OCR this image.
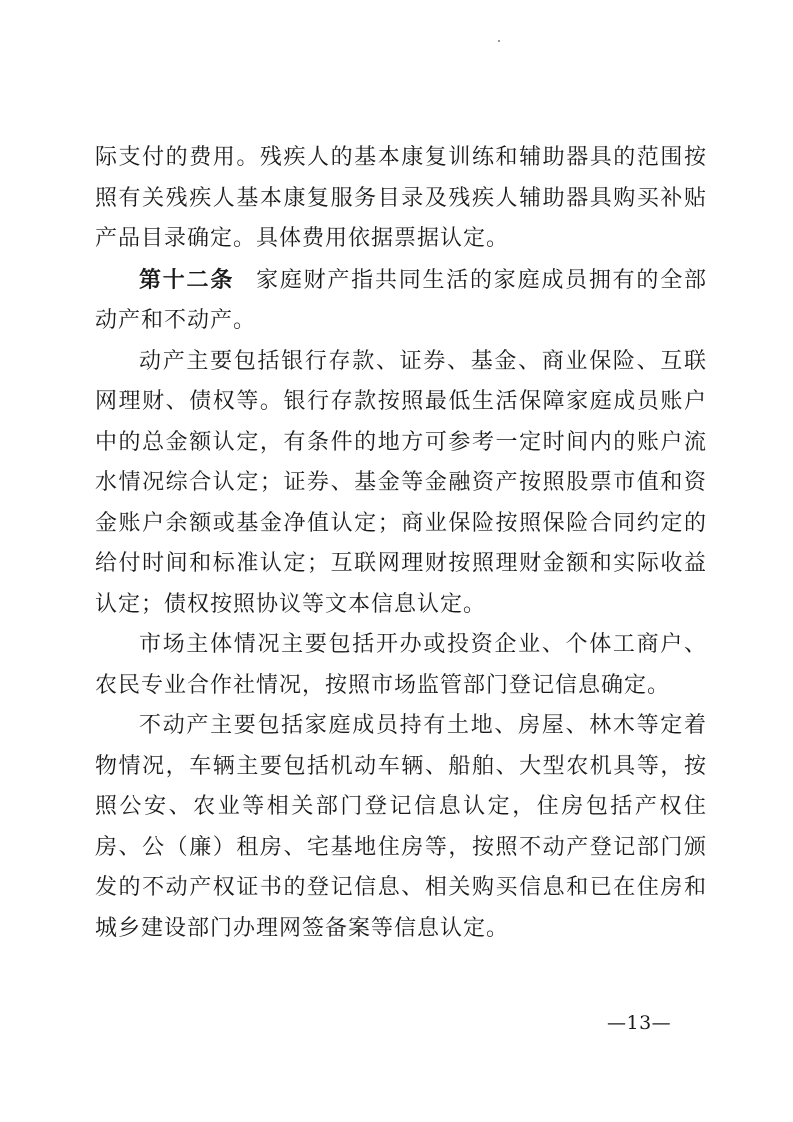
际支付的费用。残疾人的基本康复训练和辅助器具的范围按照有关残疾人基本康复服务目录及残疾人辅助器具购买补贴产品目录确定。具体费用依据票据认定。

第十二条 家庭财产指共同生活的家庭成员拥有的全部动产和不动产。

动产主要包括银行存款、证券、基金、商业保险、互联网理财、债权等。银行存款按照最低生活保障家庭成员账户中的总金额认定，有条件的地方可参考一定时间内的账户流水情况综合认定；证券、基金等金融资产按照股票市值和资金账户余额或基金净值认定；商业保险按照保险合同约定的给付时间和标准认定；互联网理财按照理财金额和实际收益认定；债权按照协议等文本信息认定。

市场主体情况主要包括开办或投资企业、个体工商户、农民专业合作社情况，按照市场监管部门登记信息确定。

不动产主要包括家庭成员持有土地、房屋、林木等定着物情况，车辆主要包括机动车辆、船舶、大型农机具等，按照公安、农业等相关部门登记信息认定，住房包括产权住房、公（廉）租房、宅基地住房等，按照不动产登记部门颁发的不动产权证书的登记信息、相关购买信息和已在住房和城乡建设部门办理网签备案等信息认定。

—13—
